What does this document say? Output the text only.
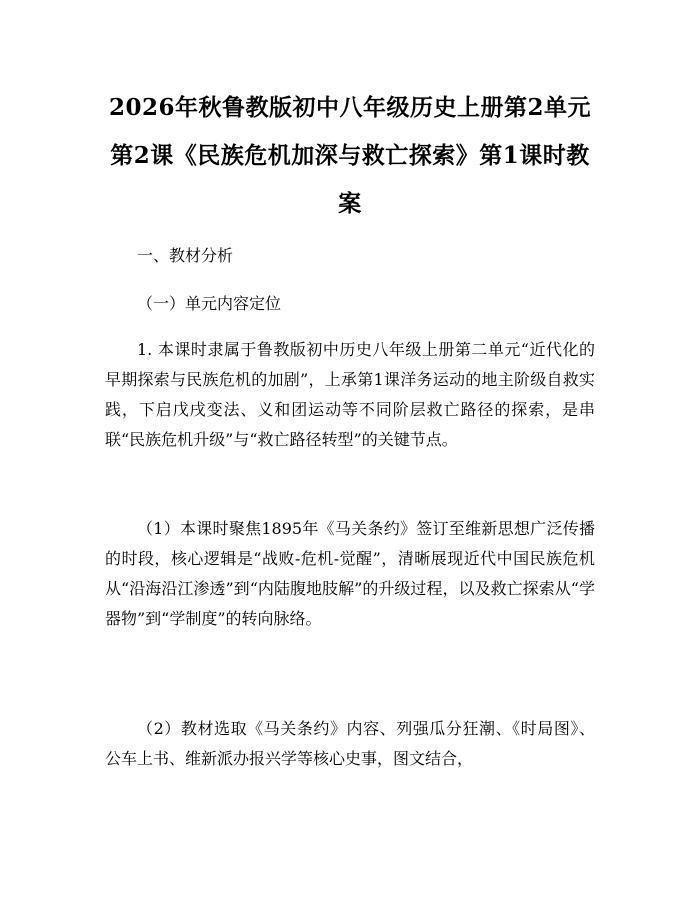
2026年秋鲁教版初中八年级历史上册第2单元第2课《民族危机加深与救亡探索》第1课时教案

一、教材分析

（一）单元内容定位

1. 本课时隶属于鲁教版初中历史八年级上册第二单元“近代化的早期探索与民族危机的加剧”，上承第1课洋务运动的地主阶级自救实践，下启戊戌变法、义和团运动等不同阶层救亡路径的探索，是串联“民族危机升级”与“救亡路径转型”的关键节点。

（1）本课时聚焦1895年《马关条约》签订至维新思想广泛传播的时段，核心逻辑是“战败-危机-觉醒”，清晰展现近代中国民族危机从“沿海沿江渗透”到“内陆腹地肢解”的升级过程，以及救亡探索从“学器物”到“学制度”的转向脉络。

（2）教材选取《马关条约》内容、列强瓜分狂潮、《时局图》、公车上书、维新派办报兴学等核心史事，图文结合，
